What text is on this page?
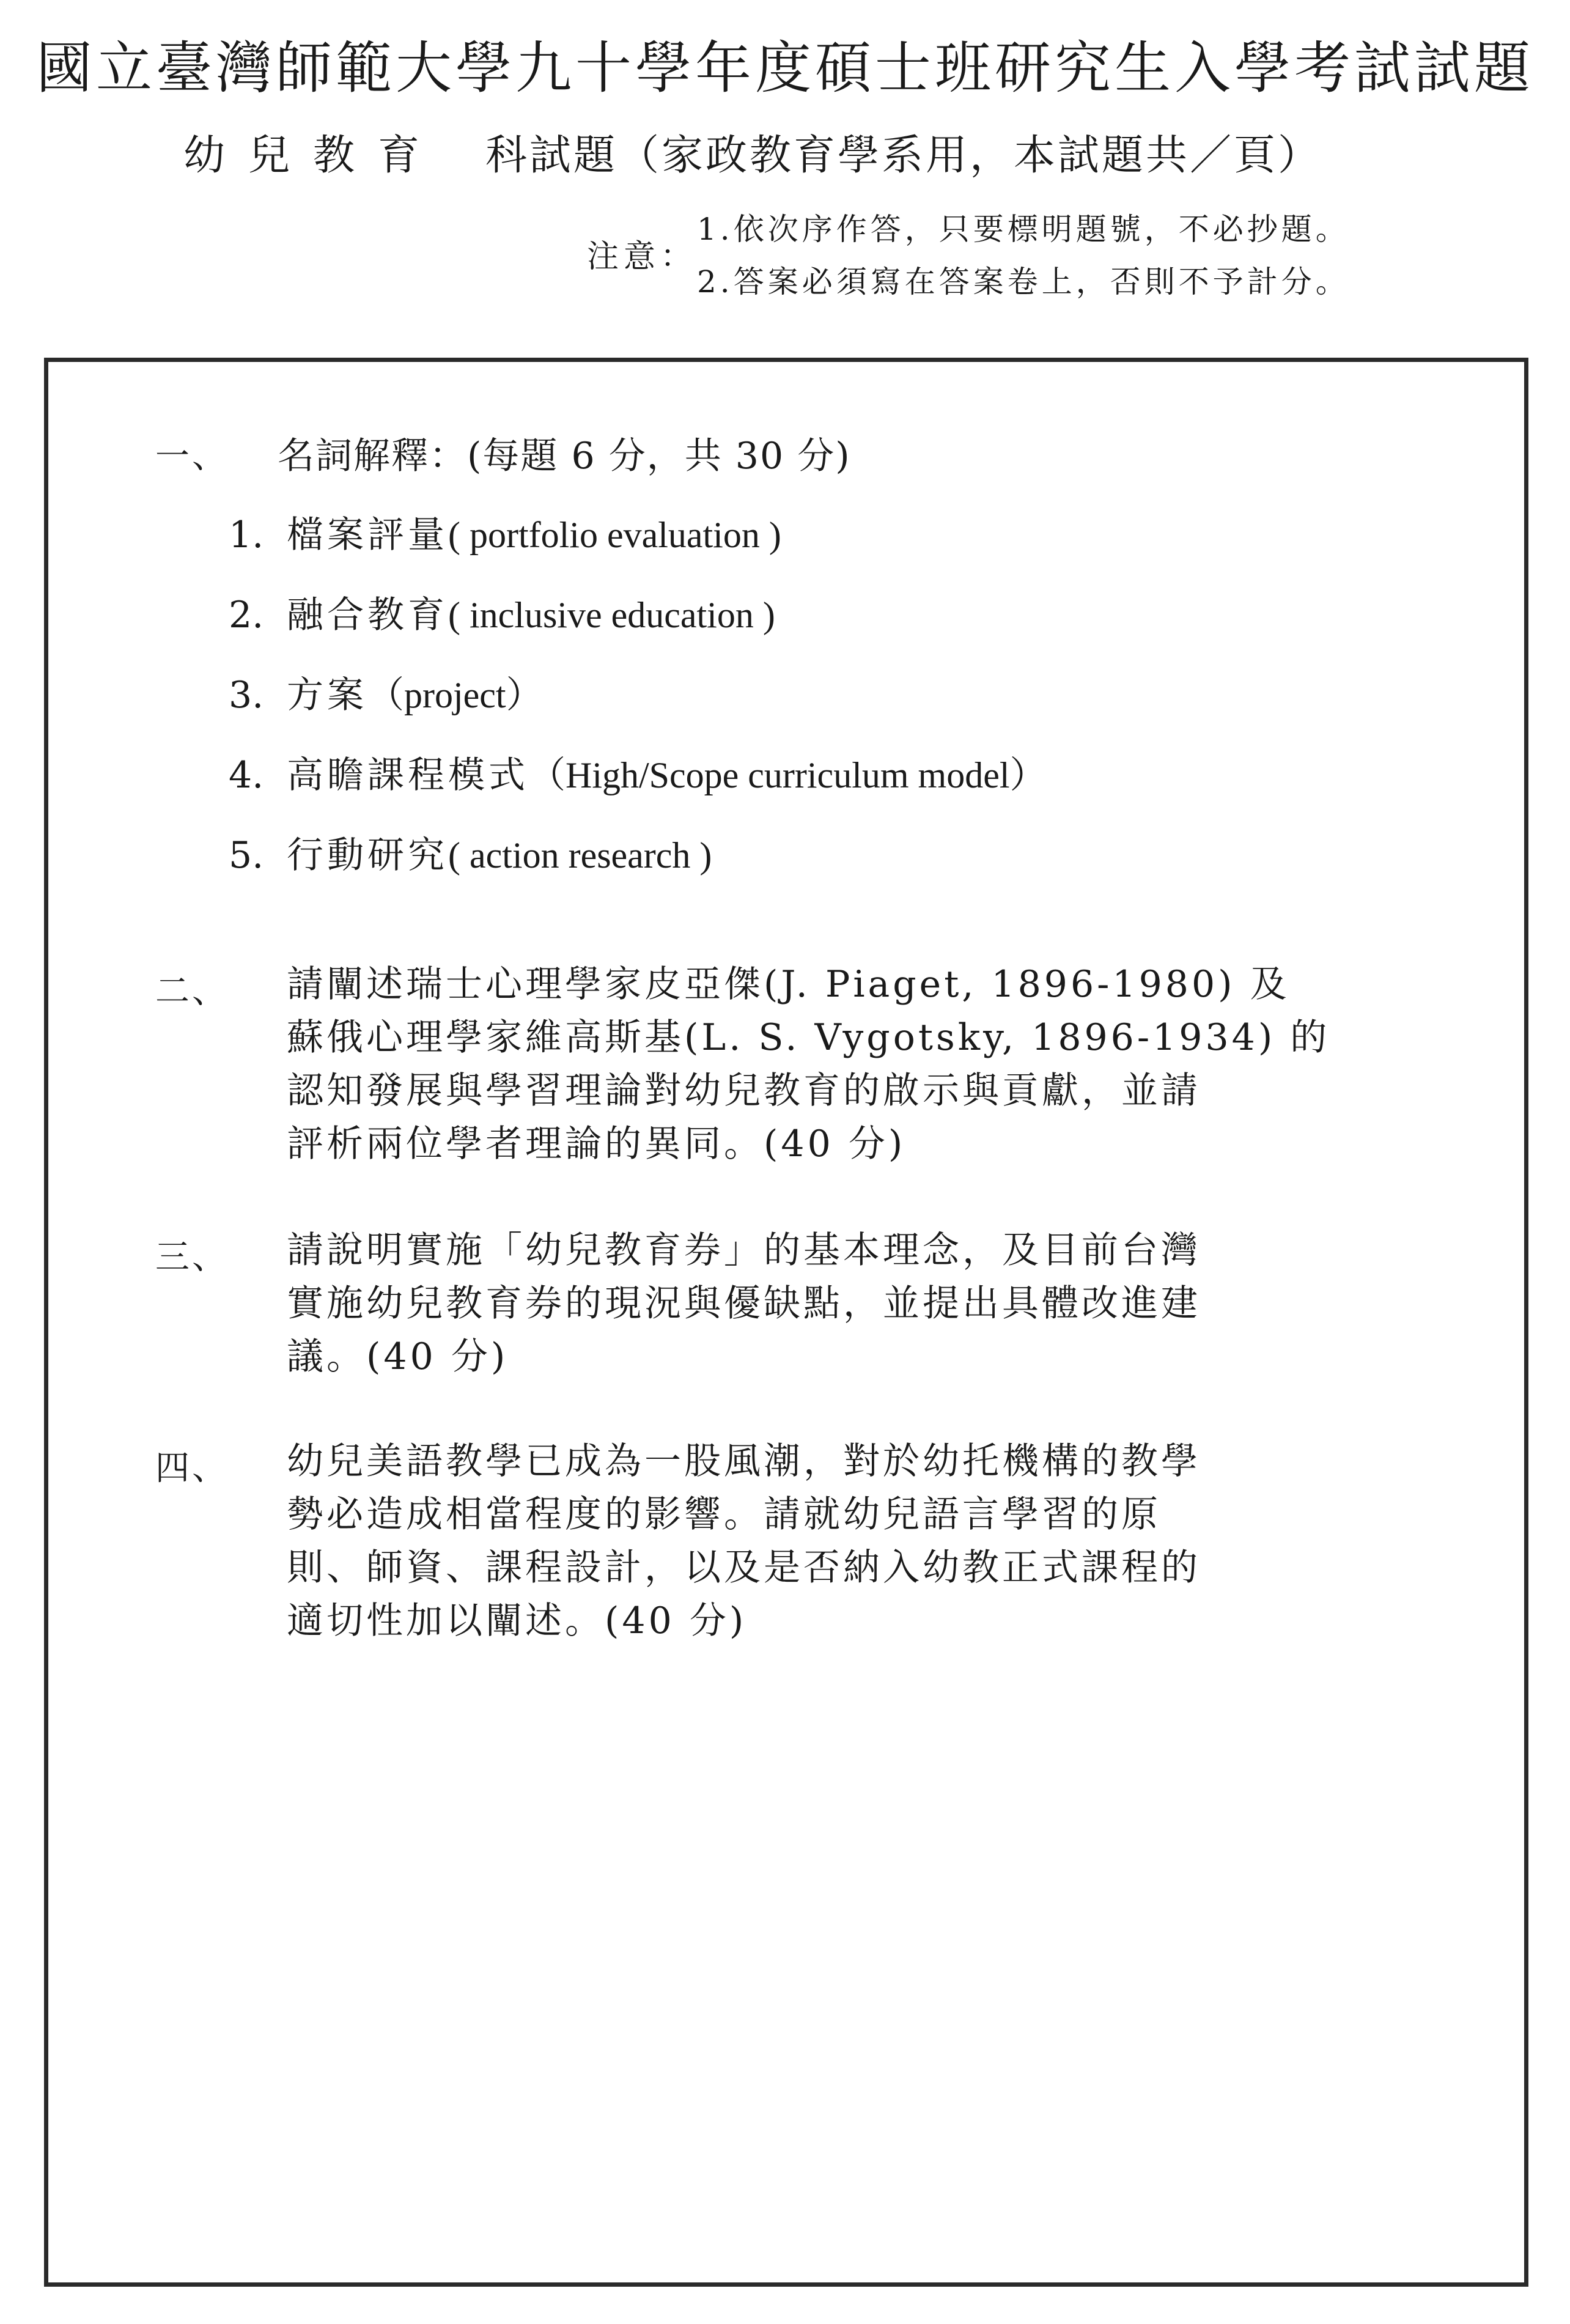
國立臺灣師範大學九十學年度碩士班研究生入學考試試題
幼兒教育 科試題（家政教育學系用，本試題共／頁）
注意：
1.依次序作答，只要標明題號，不必抄題。
2.答案必須寫在答案卷上，否則不予計分。
一、 名詞解釋：(每題 6 分，共 30 分)
1. 檔案評量( portfolio evaluation )
2. 融合教育( inclusive education )
3. 方案（project）
4. 高瞻課程模式（High/Scope curriculum model）
5. 行動研究( action research )
二、 請闡述瑞士心理學家皮亞傑(J. Piaget, 1896-1980) 及
蘇俄心理學家維高斯基(L. S. Vygotsky, 1896-1934) 的
認知發展與學習理論對幼兒教育的啟示與貢獻，並請
評析兩位學者理論的異同。(40 分)
三、 請說明實施「幼兒教育券」的基本理念，及目前台灣
實施幼兒教育券的現況與優缺點，並提出具體改進建
議。(40 分)
四、 幼兒美語教學已成為一股風潮，對於幼托機構的教學
勢必造成相當程度的影響。請就幼兒語言學習的原
則、師資、課程設計，以及是否納入幼教正式課程的
適切性加以闡述。(40 分)
